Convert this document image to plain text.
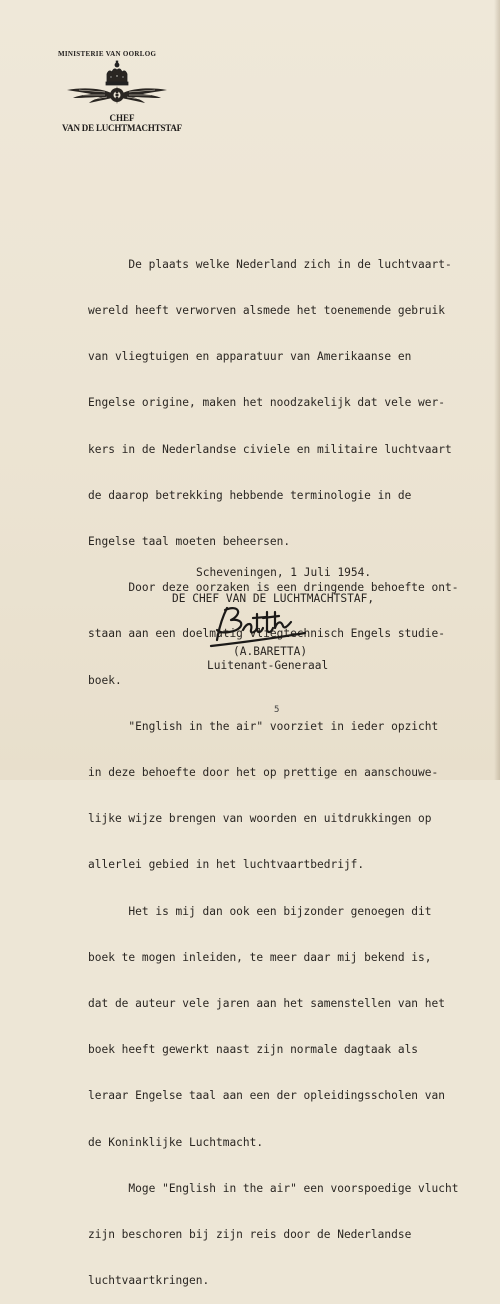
MINISTERIE VAN OORLOG
CHEF
VAN DE LUCHTMACHTSTAF

De plaats welke Nederland zich in de luchtvaart-

wereld heeft verworven alsmede het toenemende gebruik

van vliegtuigen en apparatuur van Amerikaanse en

Engelse origine, maken het noodzakelijk dat vele wer-

kers in de Nederlandse civiele en militaire luchtvaart

de daarop betrekking hebbende terminologie in de

Engelse taal moeten beheersen.

Door deze oorzaken is een dringende behoefte ont-

staan aan een doelmatig vliegtechnisch Engels studie-

boek.

"English in the air" voorziet in ieder opzicht

in deze behoefte door het op prettige en aanschouwe-

lijke wijze brengen van woorden en uitdrukkingen op

allerlei gebied in het luchtvaartbedrijf.

Het is mij dan ook een bijzonder genoegen dit

boek te mogen inleiden, te meer daar mij bekend is,

dat de auteur vele jaren aan het samenstellen van het

boek heeft gewerkt naast zijn normale dagtaak als

leraar Engelse taal aan een der opleidingsscholen van

de Koninklijke Luchtmacht.

Moge "English in the air" een voorspoedige vlucht

zijn beschoren bij zijn reis door de Nederlandse

luchtvaartkringen.

Scheveningen, 1 Juli 1954.
DE CHEF VAN DE LUCHTMACHTSTAF,
(A.BARETTA)
Luitenant-Generaal
5
